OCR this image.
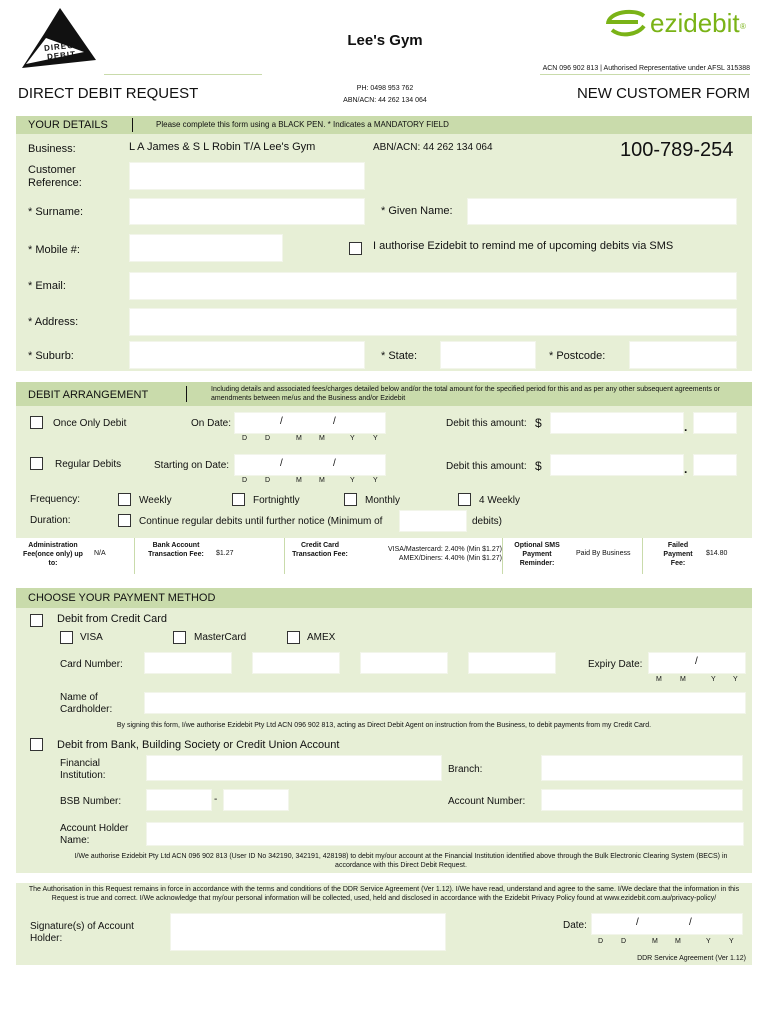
DIRECT
DEBIT
ezidebit ®
Lee's Gym
ACN 096 902 813 | Authorised Representative under AFSL 315388
DIRECT DEBIT REQUEST	NEW CUSTOMER FORM
PH: 0498 953 762
ABN/ACN: 44 262 134 064
YOUR DETAILS	Please complete this form using a BLACK PEN. * Indicates a MANDATORY FIELD
Business:	L A James & S L Robin T/A Lee's Gym	ABN/ACN: 44 262 134 064	100-789-254
Customer
Reference:
* Surname:	* Given Name:
* Mobile #:	I authorise Ezidebit to remind me of upcoming debits via SMS
* Email:
* Address:
* Suburb:	* State:	* Postcode:
DEBIT ARRANGEMENT	Including details and associated fees/charges detailed below and/or the total amount for the specified period for this and as per any other subsequent agreements or amendments between me/us and the Business and/or Ezidebit
Once Only Debit	On Date:	/	/
D	D	M M	Y	Y
Debit this amount: $	.
Regular Debits	Starting on Date:	/	/
D	D	M M	Y	Y
Debit this amount: $	.
Frequency:	Weekly	Fortnightly	Monthly	4 Weekly
Duration:	Continue regular debits until further notice (Minimum of	debits)
Administration Fee(once only) up to:
N/A
Bank Account Transaction Fee:	$1.27
Credit Card Transaction Fee:
VISA/Mastercard: 2.40% (Min $1.27)
AMEX/Diners: 4.40% (Min $1.27)
Optional SMS Payment Reminder:
Paid By Business
Failed Payment Fee:
$14.80
CHOOSE YOUR PAYMENT METHOD
Debit from Credit Card
VISA	MasterCard	AMEX
Card Number:	Expiry Date:	/
M	M	Y Y
Name of
Cardholder:
By signing this form, I/we authorise Ezidebit Pty Ltd ACN 096 902 813, acting as Direct Debit Agent on instruction from the Business, to debit payments from my Credit Card.
Debit from Bank, Building Society or Credit Union Account
Financial
Institution:
Branch:
BSB Number:	-	Account Number:
Account Holder
Name:
I/We authorise Ezidebit Pty Ltd ACN 096 902 813 (User ID No 342190, 342191, 428198) to debit my/our account at the Financial Institution identified above through the Bulk Electronic Clearing System (BECS) in accordance with this Direct Debit Request.
The Authorisation in this Request remains in force in accordance with the terms and conditions of the DDR Service Agreement (Ver 1.12). I/We have read, understand and agree to the same. I/We declare that the information in this Request is true and correct. I/We acknowledge that my/our personal information will be collected, used, held and disclosed in accordance with the Ezidebit Privacy Policy found at www.ezidebit.com.au/privacy-policy/
Signature(s) of Account
Holder:
Date:	/	/
D	D	M M	Y	Y
DDR Service Agreement (Ver 1.12)
